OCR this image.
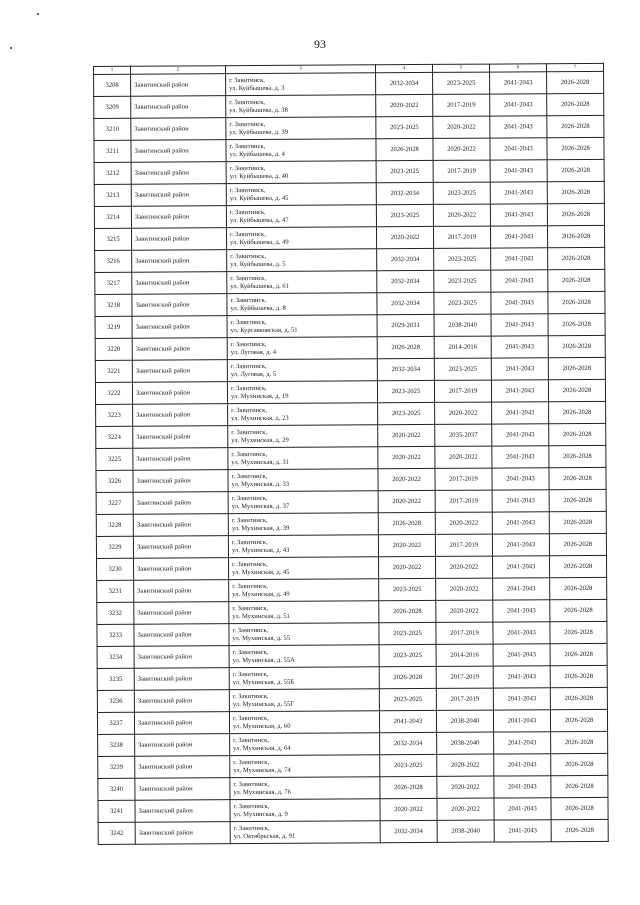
93
1	2	3	4	5	6	7
3208	Завитинский район	г. Завитинск,
ул. Куйбышева, д. 3	2032-2034	2023-2025	2041-2043	2026-2028
3209	Завитинский район	г. Завитинск,
ул. Куйбышева, д. 38	2020-2022	2017-2019	2041-2043	2026-2028
3210	Завитинский район	г. Завитинск,
ул. Куйбышева, д. 39	2023-2025	2020-2022	2041-2043	2026-2028
3211	Завитинский район	г. Завитинск,
ул. Куйбышева, д. 4	2026-2028	2020-2022	2041-2043	2026-2028
3212	Завитинский район	г. Завитинск,
ул. Куйбышева, д. 40	2023-2025	2017-2019	2041-2043	2026-2028
3213	Завитинский район	г. Завитинск,
ул. Куйбышева, д. 45	2032-2034	2023-2025	2041-2043	2026-2028
3214	Завитинский район	г. Завитинск,
ул. Куйбышева, д. 47	2023-2025	2020-2022	2041-2043	2026-2028
3215	Завитинский район	г. Завитинск,
ул. Куйбышева, д. 49	2020-2022	2017-2019	2041-2043	2026-2028
3216	Завитинский район	г. Завитинск,
ул. Куйбышева, д. 5	2032-2034	2023-2025	2041-2043	2026-2028
3217	Завитинский район	г. Завитинск,
ул. Куйбышева, д. 61	2032-2034	2023-2025	2041-2043	2026-2028
3218	Завитинский район	г. Завитинск,
ул. Куйбышева, д. 8	2032-2034	2023-2025	2041-2043	2026-2028
3219	Завитинский район	г. Завитинск,
ул. Курсавковская, д. 51	2029-2031	2038-2040	2041-2043	2026-2028
3220	Завитинский район	г. Завитинск,
ул. Луговая, д. 4	2026-2028	2014-2016	2041-2043	2026-2028
3221	Завитинский район	г. Завитинск,
ул. Луговая, д. 5	2032-2034	2023-2025	2041-2043	2026-2028
3222	Завитинский район	г. Завитинск,
ул. Мухинская, д. 19	2023-2025	2017-2019	2041-2043	2026-2028
3223	Завитинский район	г. Завитинск,
ул. Мухинская, д. 23	2023-2025	2020-2022	2041-2043	2026-2028
3224	Завитинский район	г. Завитинск,
ул. Мухинская, д. 29	2020-2022	2035-2037	2041-2043	2026-2028
3225	Завитинский район	г. Завитинск,
ул. Мухинская, д. 31	2020-2022	2020-2022	2041-2043	2026-2028
3226	Завитинский район	г. Завитинск,
ул. Мухинская, д. 33	2020-2022	2017-2019	2041-2043	2026-2028
3227	Завитинский район	г. Завитинск,
ул. Мухинская, д. 37	2020-2022	2017-2019	2041-2043	2026-2028
3228	Завитинский район	г. Завитинск,
ул. Мухинская, д. 39	2026-2028	2020-2022	2041-2043	2026-2028
3229	Завитинский район	г. Завитинск,
ул. Мухинская, д. 43	2020-2022	2017-2019	2041-2043	2026-2028
3230	Завитинский район	г. Завитинск,
ул. Мухинская, д. 45	2020-2022	2020-2022	2041-2043	2026-2028
3231	Завитинский район	г. Завитинск,
ул. Мухинская, д. 49	2023-2025	2020-2022	2041-2043	2026-2028
3232	Завитинский район	г. Завитинск,
ул. Мухинская, д. 51	2026-2028	2020-2022	2041-2043	2026-2028
3233	Завитинский район	г. Завитинск,
ул. Мухинская, д. 55	2023-2025	2017-2019	2041-2043	2026-2028
3234	Завитинский район	г. Завитинск,
ул. Мухинская, д. 55А	2023-2025	2014-2016	2041-2043	2026-2028
3235	Завитинский район	г. Завитинск,
ул. Мухинская, д. 55Б	2026-2028	2017-2019	2041-2043	2026-2028
3236	Завитинский район	г. Завитинск,
ул. Мухинская, д. 55Г	2023-2025	2017-2019	2041-2043	2026-2028
3237	Завитинский район	г. Завитинск,
ул. Мухинская, д. 60	2041-2043	2038-2040	2041-2043	2026-2028
3238	Завитинский район	г. Завитинск,
ул. Мухинская, д. 64	2032-2034	2038-2040	2041-2043	2026-2028
3239	Завитинский район	г. Завитинск,
ул. Мухинская, д. 74	2023-2025	2020-2022	2041-2043	2026-2028
3240	Завитинский район	г. Завитинск,
ул. Мухинская, д. 76	2026-2028	2020-2022	2041-2043	2026-2028
3241	Завитинский район	г. Завитинск,
ул. Мухинская, д. 9	2020-2022	2020-2022	2041-2043	2026-2028
3242	Завитинский район	г. Завитинск,
ул. Октябрьская, д. 91	2032-2034	2038-2040	2041-2043	2026-2028
